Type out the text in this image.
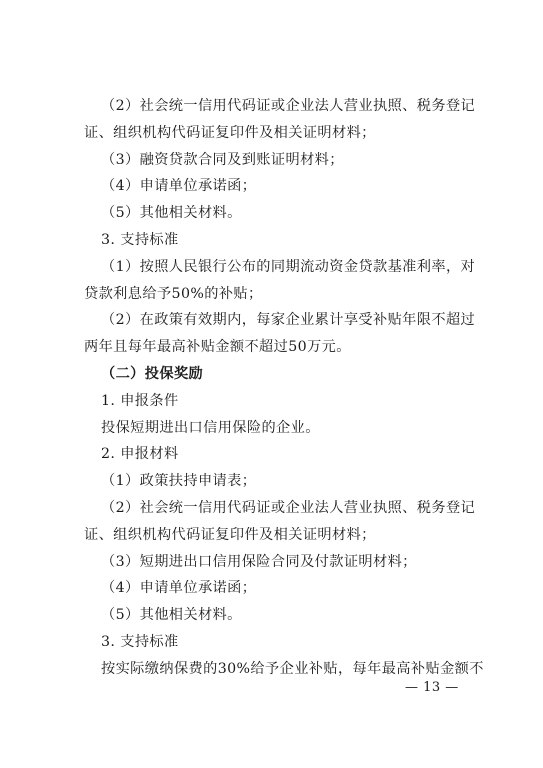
（2）社会统一信用代码证或企业法人营业执照、税务登记
证、组织机构代码证复印件及相关证明材料；
（3）融资贷款合同及到账证明材料；
（4）申请单位承诺函；
（5）其他相关材料。
3. 支持标准
（1）按照人民银行公布的同期流动资金贷款基准利率，对
贷款利息给予50%的补贴；
（2）在政策有效期内，每家企业累计享受补贴年限不超过
两年且每年最高补贴金额不超过50万元。
（二）投保奖励
1. 申报条件
投保短期进出口信用保险的企业。
2. 申报材料
（1）政策扶持申请表；
（2）社会统一信用代码证或企业法人营业执照、税务登记
证、组织机构代码证复印件及相关证明材料；
（3）短期进出口信用保险合同及付款证明材料；
（4）申请单位承诺函；
（5）其他相关材料。
3. 支持标准
按实际缴纳保费的30%给予企业补贴，每年最高补贴金额不
— 13 —
